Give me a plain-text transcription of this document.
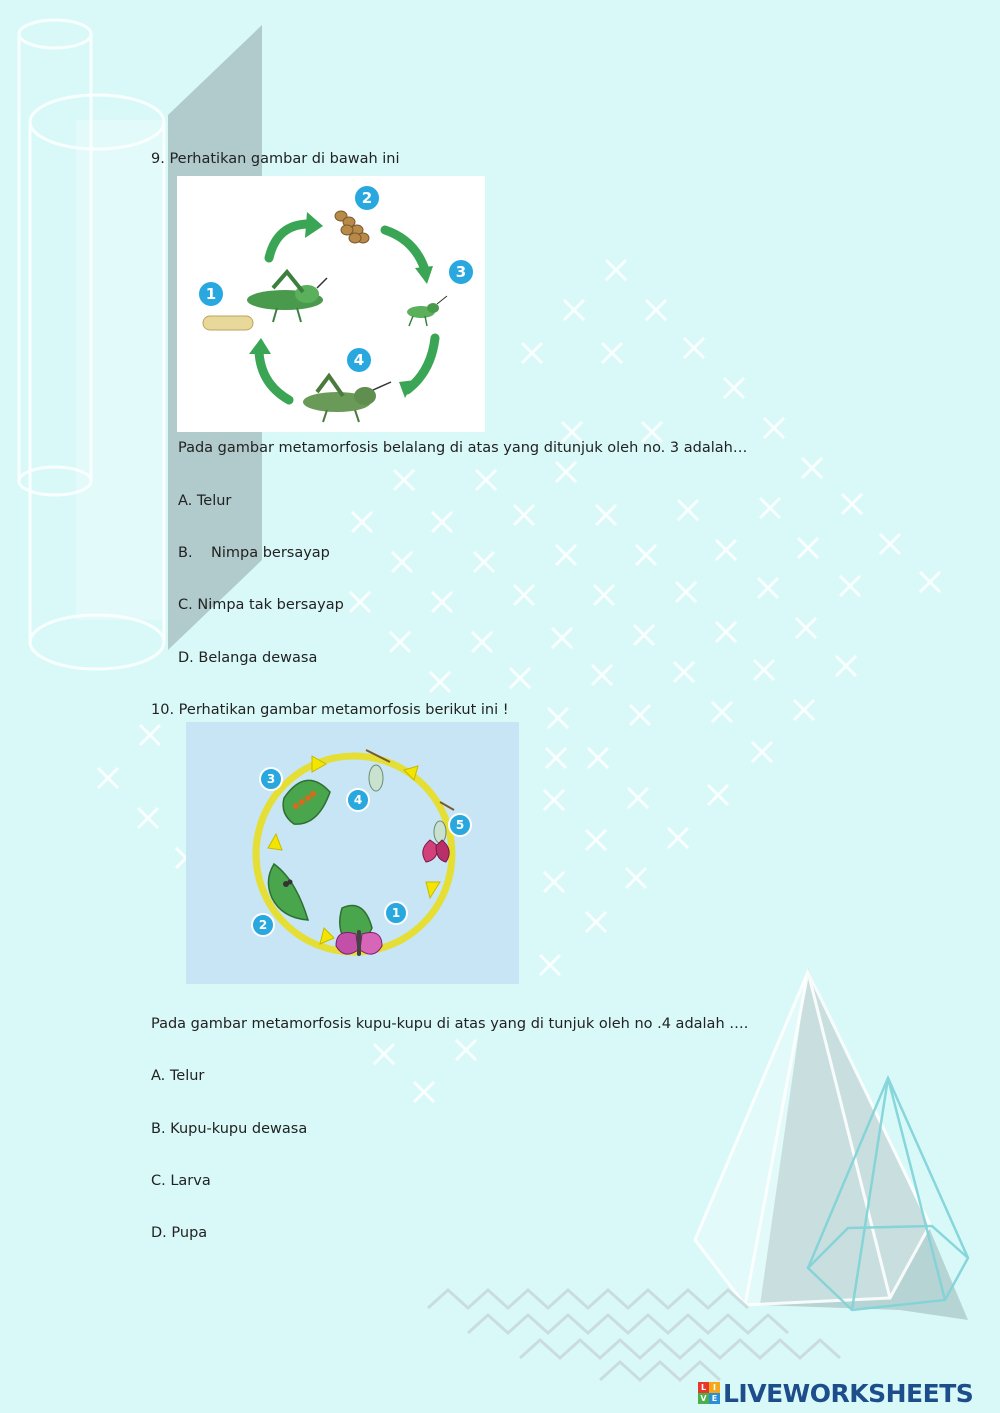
9. Perhatikan gambar di bawah ini
1
2
3
4
Pada gambar metamorfosis belalang di atas yang ditunjuk oleh no. 3 adalah…
A. Telur
B.    Nimpa bersayap
C. Nimpa tak bersayap
D. Belanga dewasa
10. Perhatikan gambar metamorfosis berikut ini !
1
2
3
4
5
Pada gambar metamorfosis kupu-kupu di atas yang di tunjuk oleh no .4 adalah ….
A. Telur
B. Kupu-kupu dewasa
C. Larva
D. Pupa
L I
V E LIVEWORKSHEETS
